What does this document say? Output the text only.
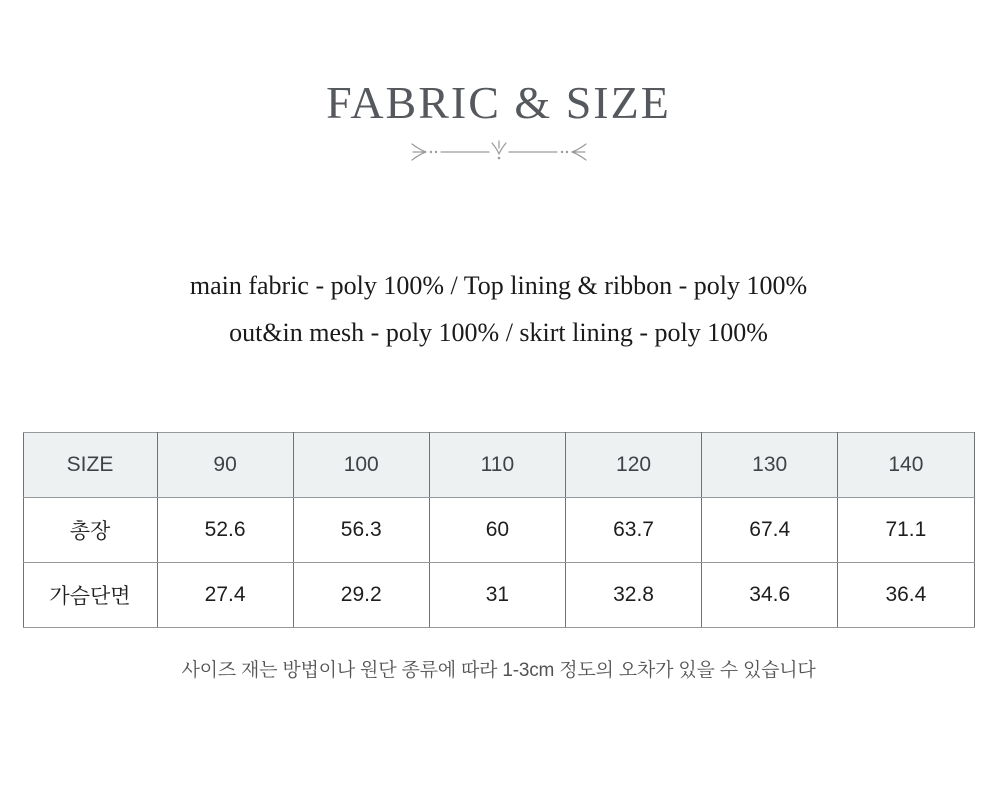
FABRIC & SIZE
main fabric - poly 100% / Top lining & ribbon - poly 100%
out&in mesh - poly 100% / skirt lining - poly 100%
SIZE	90	100	110	120	130	140
총장	52.6	56.3	60	63.7	67.4	71.1
가슴단면	27.4	29.2	31	32.8	34.6	36.4
사이즈 재는 방법이나 원단 종류에 따라 1-3cm 정도의 오차가 있을 수 있습니다
